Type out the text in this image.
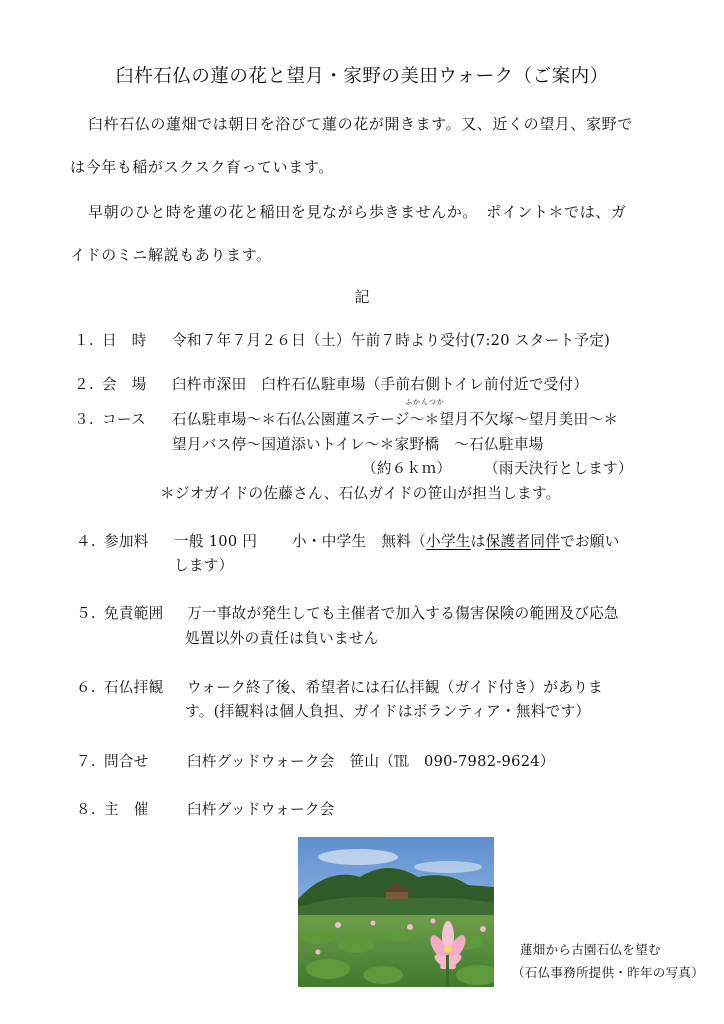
臼杵石仏の蓮の花と望月・家野の美田ウォーク（ご案内）
臼杵石仏の蓮畑では朝日を浴びて蓮の花が開きます。又、近くの望月、家野で
は今年も稲がスクスク育っています。
早朝のひと時を蓮の花と稲田を見ながら歩きませんか。　ポイント＊では、ガ
イドのミニ解説もあります。
記
１. 日　時 令和７年７月２６日（土）午前７時より受付(7:20 スタート予定)
２. 会　場 臼杵市深田　臼杵石仏駐車場（手前右側トイレ前付近で受付）
ふかんつか
３. コース 石仏駐車場～＊石仏公園蓮ステージ～＊望月不欠塚～望月美田～＊
望月バス停～国道添いトイレ～＊家野橋　～石仏駐車場
（約６ｋｍ） （雨天決行とします）
＊ジオガイドの佐藤さん、石仏ガイドの笹山が担当します。
４. 参加料 一般 100 円 小・中学生　無料（小学生は保護者同伴でお願い
します）
５. 免責範囲 万一事故が発生しても主催者で加入する傷害保険の範囲及び応急
処置以外の責任は負いません
６. 石仏拝観 ウォーク終了後、希望者には石仏拝観（ガイド付き）がありま
す。(拝観料は個人負担、ガイドはボランティア・無料です）
７. 問合せ	臼杵グッドウォーク会　笹山（℡　090-7982-9624）
８. 主　催	臼杵グッドウォーク会
蓮畑から古園石仏を望む
（石仏事務所提供・昨年の写真）
